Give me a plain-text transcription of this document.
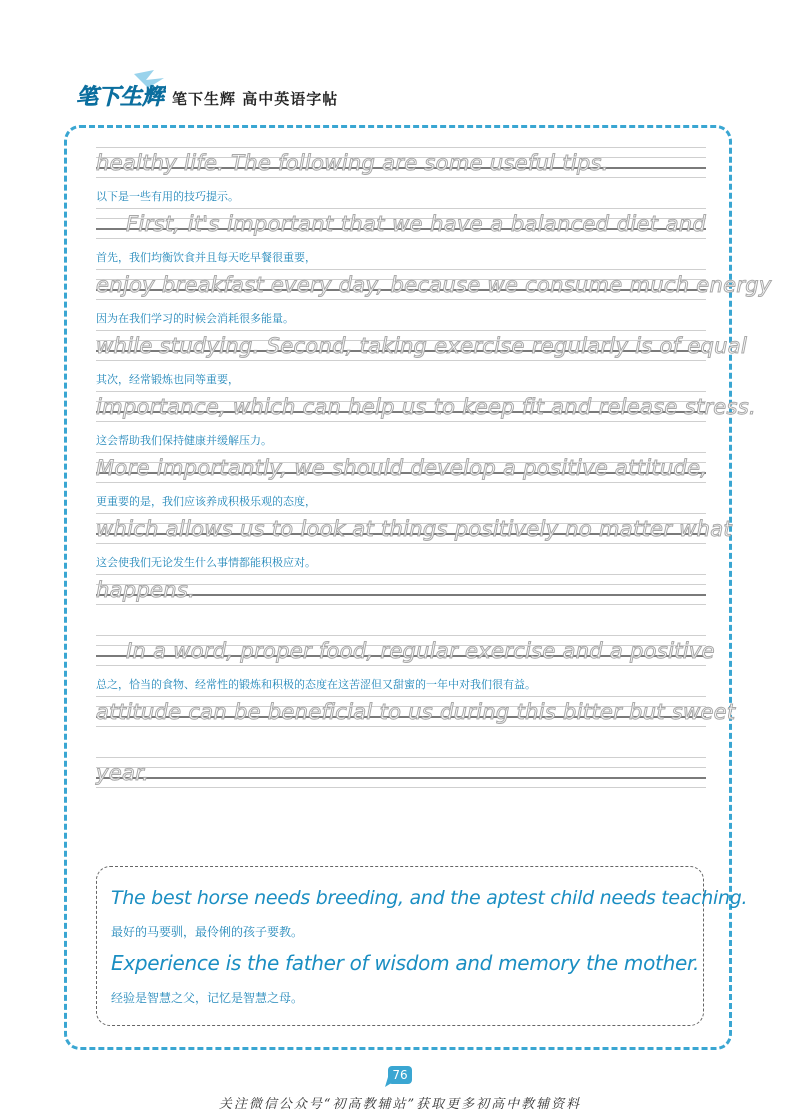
笔下生辉 笔下生辉 高中英语字帖
healthy life. The following are some useful tips.
以下是一些有用的技巧提示。
First, it's important that we have a balanced diet and
首先，我们均衡饮食并且每天吃早餐很重要，
enjoy breakfast every day, because we consume much energy
因为在我们学习的时候会消耗很多能量。
while studying. Second, taking exercise regularly is of equal
其次，经常锻炼也同等重要，
importance, which can help us to keep fit and release stress.
这会帮助我们保持健康并缓解压力。
More importantly, we should develop a positive attitude,
更重要的是，我们应该养成积极乐观的态度，
which allows us to look at things positively no matter what
这会使我们无论发生什么事情都能积极应对。
happens.
In a word, proper food, regular exercise and a positive
总之，恰当的食物、经常性的锻炼和积极的态度在这苦涩但又甜蜜的一年中对我们很有益。
attitude can be beneficial to us during this bitter but sweet
year.
The best horse needs breeding, and the aptest child needs teaching.
最好的马要驯，最伶俐的孩子要教。
Experience is the father of wisdom and memory the mother.
经验是智慧之父，记忆是智慧之母。
76
关注微信公众号“初高教辅站”获取更多初高中教辅资料
